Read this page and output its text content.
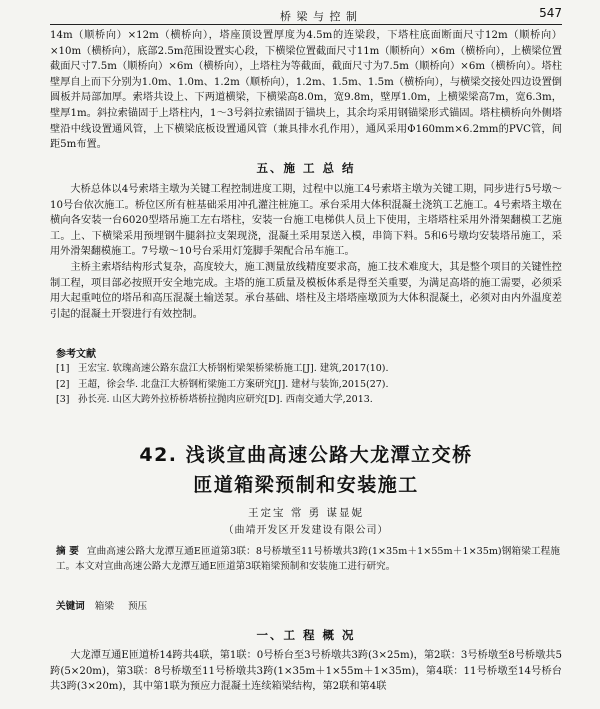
桥 梁 与 控 制	547

14m（顺桥向）×12m（横桥向），塔座顶设置厚度为4.5m的连梁段，下塔柱底面断面尺寸12m（顺桥向）×10m（横桥向），底部2.5m范围设置实心段，下横梁位置截面尺寸11m（顺桥向）×6m（横桥向），上横梁位置截面尺寸7.5m（顺桥向）×6m（横桥向），上塔柱为等截面，截面尺寸为7.5m（顺桥向）×6m（横桥向）。塔柱壁厚自上而下分别为1.0m、1.0m、1.2m（顺桥向），1.2m、1.5m、1.5m（横桥向），与横梁交接处四边设置倒圆板并局部加厚。索塔共设上、下两道横梁，下横梁高8.0m，宽9.8m，壁厚1.0m，上横梁梁高7m，宽6.3m，壁厚1m。斜拉索锚固于上塔柱内，1～3号斜拉索锚固于锚块上，其余均采用钢锚梁形式锚固。塔柱横桥向外侧塔壁沿中线设置通风管，上下横梁底板设置通风管（兼具排水孔作用），通风采用Φ160mm×6.2mm的PVC管，间距5m布置。

五、施 工 总 结

大桥总体以4号索塔主墩为关键工程控制进度工期，过程中以施工4号索塔主墩为关键工期，同步进行5号墩～10号台依次施工。桥位区所有桩基础采用冲孔灌注桩施工。承台采用大体积混凝土浇筑工艺施工。4号索塔主墩在横向各安装一台6020型塔吊施工左右塔柱，安装一台施工电梯供人员上下使用，主塔塔柱采用外滑架翻模工艺施工。上、下横梁采用预埋钢牛腿斜拉支架现浇，混凝土采用泵送入模，串筒下料。5和6号墩均安装塔吊施工，采用外滑架翻模施工。7号墩～10号台采用灯笼脚手架配合吊车施工。

主桥主索塔结构形式复杂，高度较大，施工测量放线精度要求高，施工技术难度大，其是整个项目的关键性控制工程，项目部必按照开安全地完成。主塔的施工质量及模板体系是得至关重要，为满足高塔的施工需要，必须采用大起重吨位的塔吊和高压混凝土输送泵。承台基础、塔柱及主塔塔座墩顶为大体积混凝土，必须对由内外温度差引起的混凝土开裂进行有效控制。

参考文献
[1] 王宏宝. 软瑰高速公路东盘江大桥钢桁梁架桥梁桥施工[J]. 建筑,2017(10).
[2] 王超，徐会华. 北盘江大桥钢桁梁施工方案研究[J]. 建材与装饰,2015(27).
[3] 孙长亮. 山区大跨外拉桥桥塔桥拉抛肉应研究[D]. 西南交通大学,2013.
42. 浅谈宣曲高速公路大龙潭立交桥
匝道箱梁预制和安装施工
王定宝 常 勇 谋显妮
（曲靖开发区开发建设有限公司）
摘 要 宣曲高速公路大龙潭互通E匝道第3联：8号桥墩至11号桥墩共3跨(1×35m＋1×55m＋1×35m)钢箱梁工程施工。本文对宣曲高速公路大龙潭互通E匝道第3联箱梁预制和安装施工进行研究。
关键词 箱梁 预压
一、工 程 概 况

大龙潭互通E匝道桥14跨共4联，第1联：0号桥台至3号桥墩共3跨(3×25m)，第2联：3号桥墩至8号桥墩共5跨(5×20m)，第3联：8号桥墩至11号桥墩共3跨(1×35m＋1×55m＋1×35m)，第4联：11号桥墩至14号桥台共3跨(3×20m)，其中第1联为预应力混凝土连续箱梁结构，第2联和第4联
